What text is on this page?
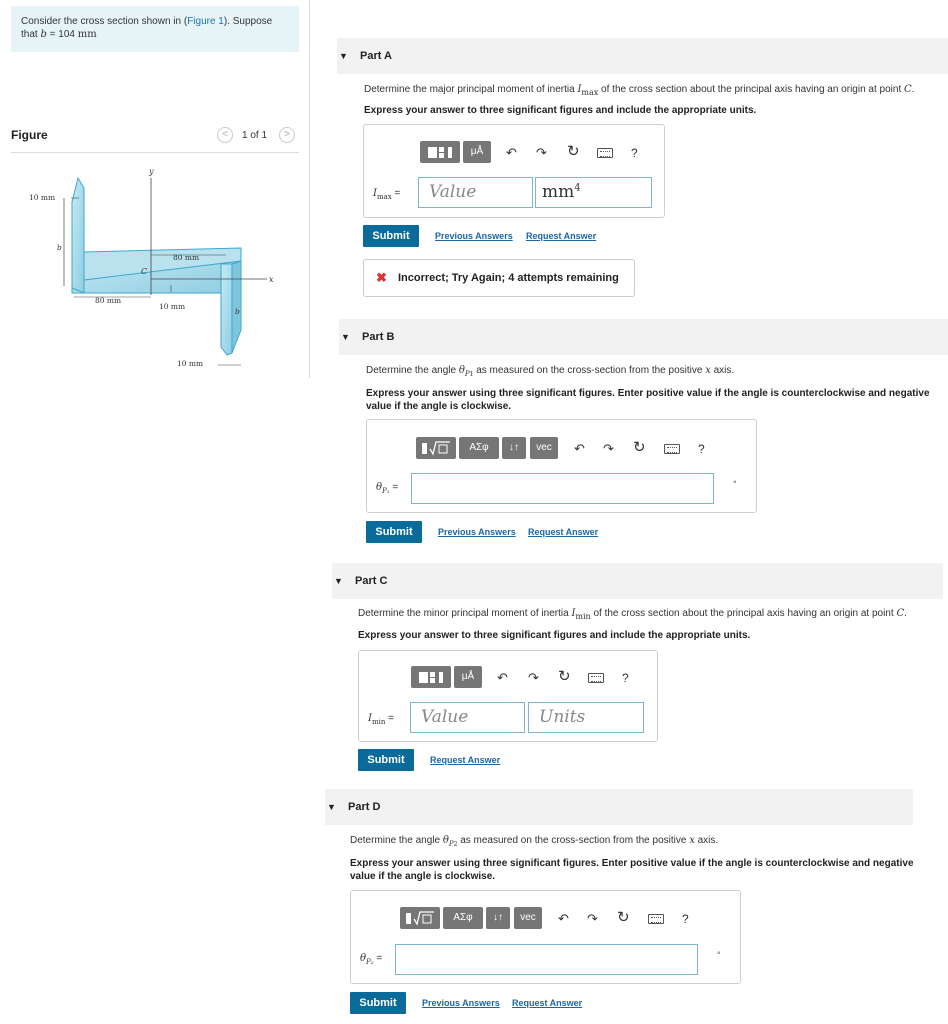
Consider the cross section shown in (Figure 1). Suppose that b = 104 mm
Figure	<	1 of 1	>
y
x
C
10 mm
b
80 mm
80 mm
10 mm
b
10 mm
▼ Part A
Determine the major principal moment of inertia $I_{max}$ of the cross section about the principal axis having an origin at point C.
Express your answer to three significant figures and include the appropriate units.
μÅ	↶ ↷ ↻	?
$I_{max}$ =	Value	$mm^4$
Submit	Previous Answers Request Answer
✖ Incorrect; Try Again; 4 attempts remaining
▼ Part B
Determine the angle $\theta_{P1}$ as measured on the cross-section from the positive x axis.
Express your answer using three significant figures. Enter positive value if the angle is counterclockwise and negative value if the angle is clockwise.
ΑΣφ	↓↑	vec	↶ ↷ ↻	?
$\theta_{P_1}$ =	°
Submit	Previous Answers Request Answer
▼ Part C
Determine the minor principal moment of inertia $I_{min}$ of the cross section about the principal axis having an origin at point C.
Express your answer to three significant figures and include the appropriate units.
μÅ	↶ ↷ ↻	?
$I_{min}$ =	Value	Units
Submit	Request Answer
▼ Part D
Determine the angle $\theta_{P2}$ as measured on the cross-section from the positive x axis.
Express your answer using three significant figures. Enter positive value if the angle is counterclockwise and negative value if the angle is clockwise.
ΑΣφ	↓↑	vec	↶ ↷ ↻	?
$\theta_{P_2}$ =	°
Submit	Previous Answers Request Answer
